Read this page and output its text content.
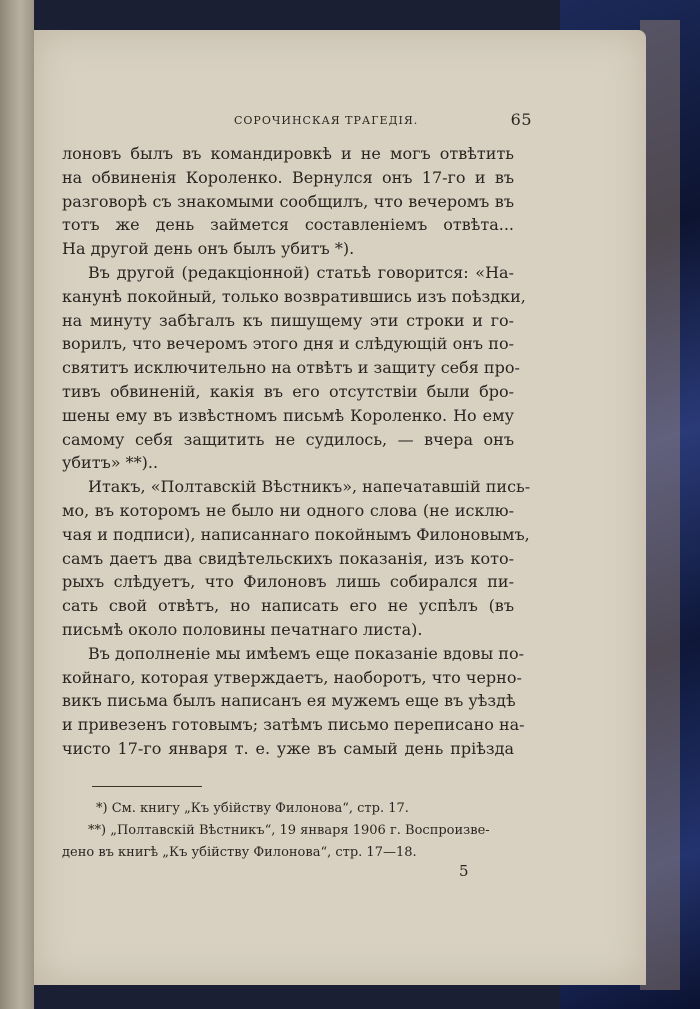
СОРОЧИНСКАЯ ТРАГЕДІЯ.	65
лоновъ былъ въ командировкѣ и не могъ отвѣтить
на обвиненія Короленко. Вернулся онъ 17-го и въ
разговорѣ съ знакомыми сообщилъ, что вечеромъ въ
тотъ же день займется составленіемъ отвѣта...
На другой день онъ былъ убитъ *).
Въ другой (редакціонной) статьѣ говорится: «На-
канунѣ покойный, только возвратившись изъ поѣздки,
на минуту забѣгалъ къ пишущему эти строки и го-
ворилъ, что вечеромъ этого дня и слѣдующій онъ по-
святитъ исключительно на отвѣтъ и защиту себя про-
тивъ обвиненій, какія въ его отсутствіи были бро-
шены ему въ извѣстномъ письмѣ Короленко. Но ему
самому себя защитить не судилось, — вчера онъ
убитъ» **)..
Итакъ, «Полтавскій Вѣстникъ», напечатавшій пись-
мо, въ которомъ не было ни одного слова (не исклю-
чая и подписи), написаннаго покойнымъ Филоновымъ,
самъ даетъ два свидѣтельскихъ показанія, изъ кото-
рыхъ слѣдуетъ, что Филоновъ лишь собирался пи-
сать свой отвѣтъ, но написать его не успѣлъ (въ
письмѣ около половины печатнаго листа).
Въ дополненіе мы имѣемъ еще показаніе вдовы по-
койнаго, которая утверждаетъ, наоборотъ, что черно-
викъ письма былъ написанъ ея мужемъ еще въ уѣздѣ
и привезенъ готовымъ; затѣмъ письмо переписано на-
чисто 17-го января т. е. уже въ самый день пріѣзда
*) См. книгу „Къ убійству Филонова“, стр. 17.
**) „Полтавскій Вѣстникъ“, 19 января 1906 г. Воспроизве-
дено въ книгѣ „Къ убійству Филонова“, стр. 17—18.
5
